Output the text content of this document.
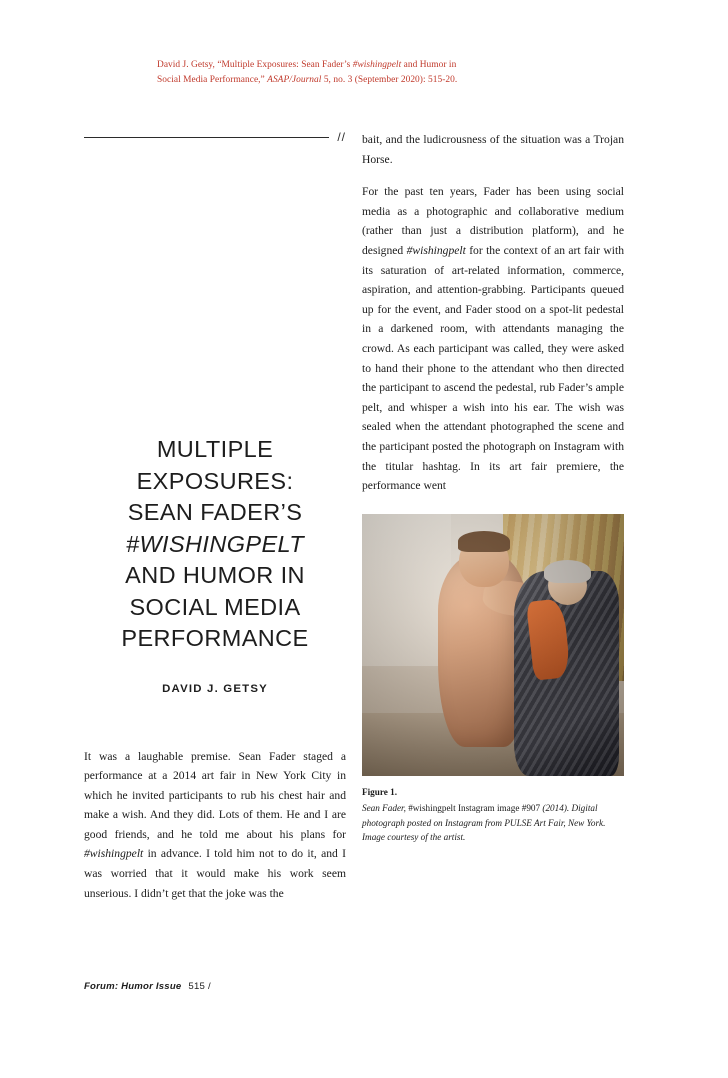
David J. Getsy, “Multiple Exposures: Sean Fader’s #wishingpelt and Humor in
Social Media Performance,” ASAP/Journal 5, no. 3 (September 2020): 515-20.
//
MULTIPLE
EXPOSURES:
SEAN FADER’S
#WISHINGPELT
AND HUMOR IN
SOCIAL MEDIA
PERFORMANCE
DAVID J. GETSY

It was a laughable premise. Sean Fader staged a performance at a 2014 art fair in New York City in which he invited participants to rub his chest hair and make a wish. And they did. Lots of them. He and I are good friends, and he told me about his plans for #wishingpelt in advance. I told him not to do it, and I was worried that it would make his work seem unserious. I didn’t get that the joke was the

bait, and the ludicrousness of the situation was a Trojan Horse.

For the past ten years, Fader has been using social media as a photographic and collaborative medium (rather than just a distribution platform), and he designed #wishingpelt for the context of an art fair with its saturation of art-related information, commerce, aspiration, and attention-grabbing. Participants queued up for the event, and Fader stood on a spot-lit pedestal in a darkened room, with attendants managing the crowd. As each participant was called, they were asked to hand their phone to the attendant who then directed the participant to ascend the pedestal, rub Fader’s ample pelt, and whisper a wish into his ear. The wish was sealed when the attendant photographed the scene and the participant posted the photograph on Instagram with the titular hashtag. In its art fair premiere, the performance went

Figure 1.
Sean Fader, #wishingpelt Instagram image #907 (2014). Digital photograph posted on Instagram from PULSE Art Fair, New York. Image courtesy of the artist.
Forum: Humor Issue 515 /
